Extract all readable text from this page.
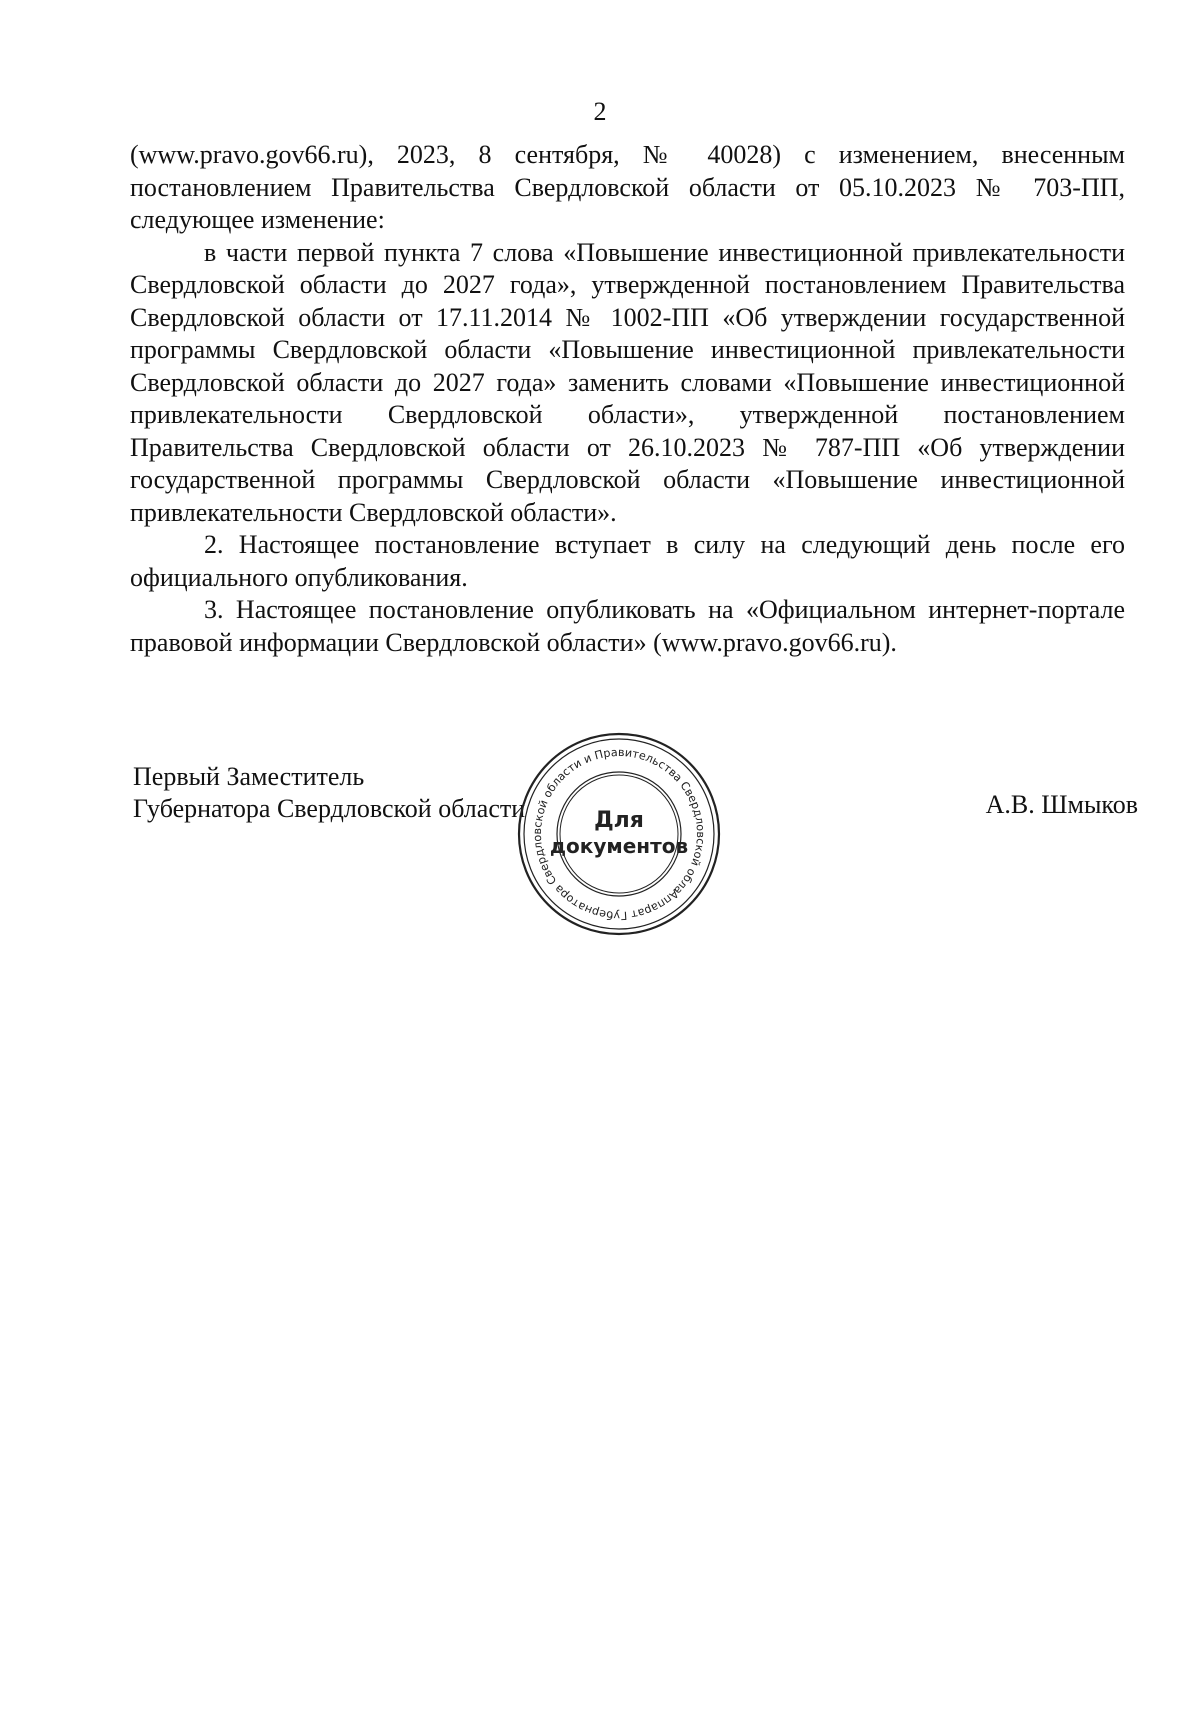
2

(www.pravo.gov66.ru), 2023, 8 сентября, № 40028) с изменением, внесенным постановлением Правительства Свердловской области от 05.10.2023 № 703-ПП, следующее изменение:

в части первой пункта 7 слова «Повышение инвестиционной привлекательности Свердловской области до 2027 года», утвержденной постановлением Правительства Свердловской области от 17.11.2014 № 1002-ПП «Об утверждении государственной программы Свердловской области «Повышение инвестиционной привлекательности Свердловской области до 2027 года» заменить словами «Повышение инвестиционной привлекательности Свердловской области», утвержденной постановлением Правительства Свердловской области от 26.10.2023 № 787-ПП «Об утверждении государственной программы Свердловской области «Повышение инвестиционной привлекательности Свердловской области».

2. Настоящее постановление вступает в силу на следующий день после его официального опубликования.

3. Настоящее постановление опубликовать на «Официальном интернет-портале правовой информации Свердловской области» (www.pravo.gov66.ru).

Первый Заместитель
Губернатора Свердловской области	А.В. Шмыков
Аппарат Губернатора Свердловской области и Правительства Свердловской области
Для
документов
